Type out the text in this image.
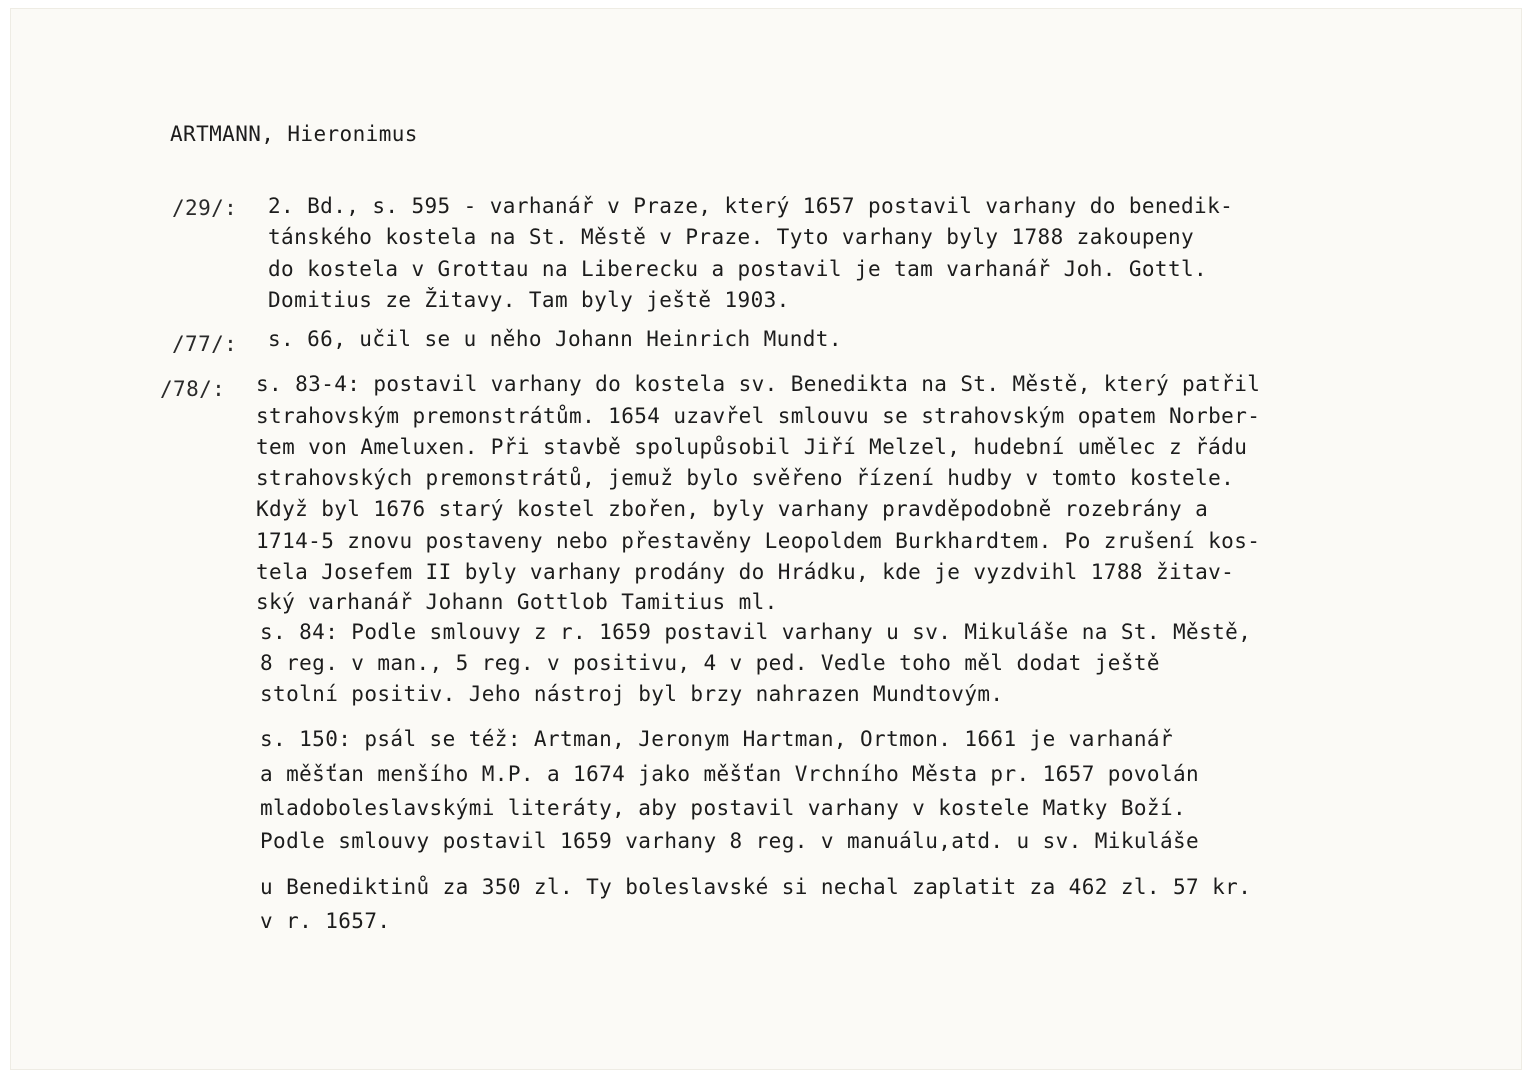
ARTMANN, Hieronimus
/29/: 2. Bd., s. 595 - varhanář v Praze, který 1657 postavil varhany do benedik-
tánského kostela na St. Městě v Praze. Tyto varhany byly 1788 zakoupeny
do kostela v Grottau na Liberecku a postavil je tam varhanář Joh. Gottl.
Domitius ze Žitavy. Tam byly ještě 1903.
/77/: s. 66, učil se u něho Johann Heinrich Mundt.
/78/: s. 83-4: postavil varhany do kostela sv. Benedikta na St. Městě, který patřil
strahovským premonstrátům. 1654 uzavřel smlouvu se strahovským opatem Norber-
tem von Ameluxen. Při stavbě spolupůsobil Jiří Melzel, hudební umělec z řádu
strahovských premonstrátů, jemuž bylo svěřeno řízení hudby v tomto kostele.
Když byl 1676 starý kostel zbořen, byly varhany pravděpodobně rozebrány a
1714-5 znovu postaveny nebo přestavěny Leopoldem Burkhardtem. Po zrušení kos-
tela Josefem II byly varhany prodány do Hrádku, kde je vyzdvihl 1788 žitav-
ský varhanář Johann Gottlob Tamitius ml.
s. 84: Podle smlouvy z r. 1659 postavil varhany u sv. Mikuláše na St. Městě,
8 reg. v man., 5 reg. v positivu, 4 v ped. Vedle toho měl dodat ještě
stolní positiv. Jeho nástroj byl brzy nahrazen Mundtovým.
s. 150: psál se též: Artman, Jeronym Hartman, Ortmon. 1661 je varhanář
a měšťan menšího M.P. a 1674 jako měšťan Vrchního Města pr. 1657 povolán
mladoboleslavskými literáty, aby postavil varhany v kostele Matky Boží.
Podle smlouvy postavil 1659 varhany 8 reg. v manuálu,atd. u sv. Mikuláše
u Benediktinů za 350 zl. Ty boleslavské si nechal zaplatit za 462 zl. 57 kr.
v r. 1657.
